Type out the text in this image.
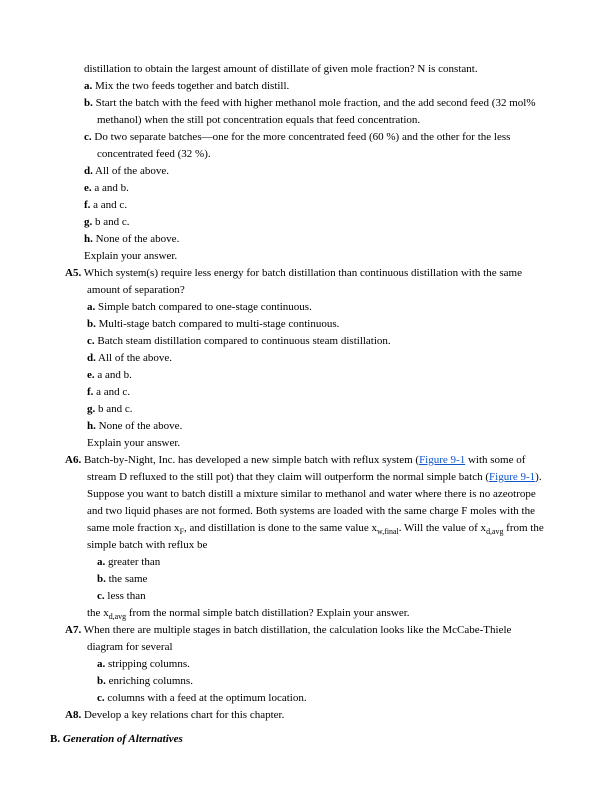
distillation to obtain the largest amount of distillate of given mole fraction? N is constant.
a. Mix the two feeds together and batch distill.
b. Start the batch with the feed with higher methanol mole fraction, and the add second feed (32 mol% methanol) when the still pot concentration equals that feed concentration.
c. Do two separate batches—one for the more concentrated feed (60 %) and the other for the less concentrated feed (32 %).
d. All of the above.
e. a and b.
f. a and c.
g. b and c.
h. None of the above.
Explain your answer.
A5. Which system(s) require less energy for batch distillation than continuous distillation with the same amount of separation?
a. Simple batch compared to one-stage continuous.
b. Multi-stage batch compared to multi-stage continuous.
c. Batch steam distillation compared to continuous steam distillation.
d. All of the above.
e. a and b.
f. a and c.
g. b and c.
h. None of the above.
Explain your answer.
A6. Batch-by-Night, Inc. has developed a new simple batch with reflux system (Figure 9-1 with some of stream D refluxed to the still pot) that they claim will outperform the normal simple batch (Figure 9-1). Suppose you want to batch distill a mixture similar to methanol and water where there is no azeotrope and two liquid phases are not formed. Both systems are loaded with the same charge F moles with the same mole fraction $x_F$, and distillation is done to the same value $x_{w,final}$. Will the value of $x_{d,avg}$ from the simple batch with reflux be
a. greater than
b. the same
c. less than
the $x_{d,avg}$ from the normal simple batch distillation? Explain your answer.
A7. When there are multiple stages in batch distillation, the calculation looks like the McCabe-Thiele diagram for several
a. stripping columns.
b. enriching columns.
c. columns with a feed at the optimum location.
A8. Develop a key relations chart for this chapter.
B. Generation of Alternatives
